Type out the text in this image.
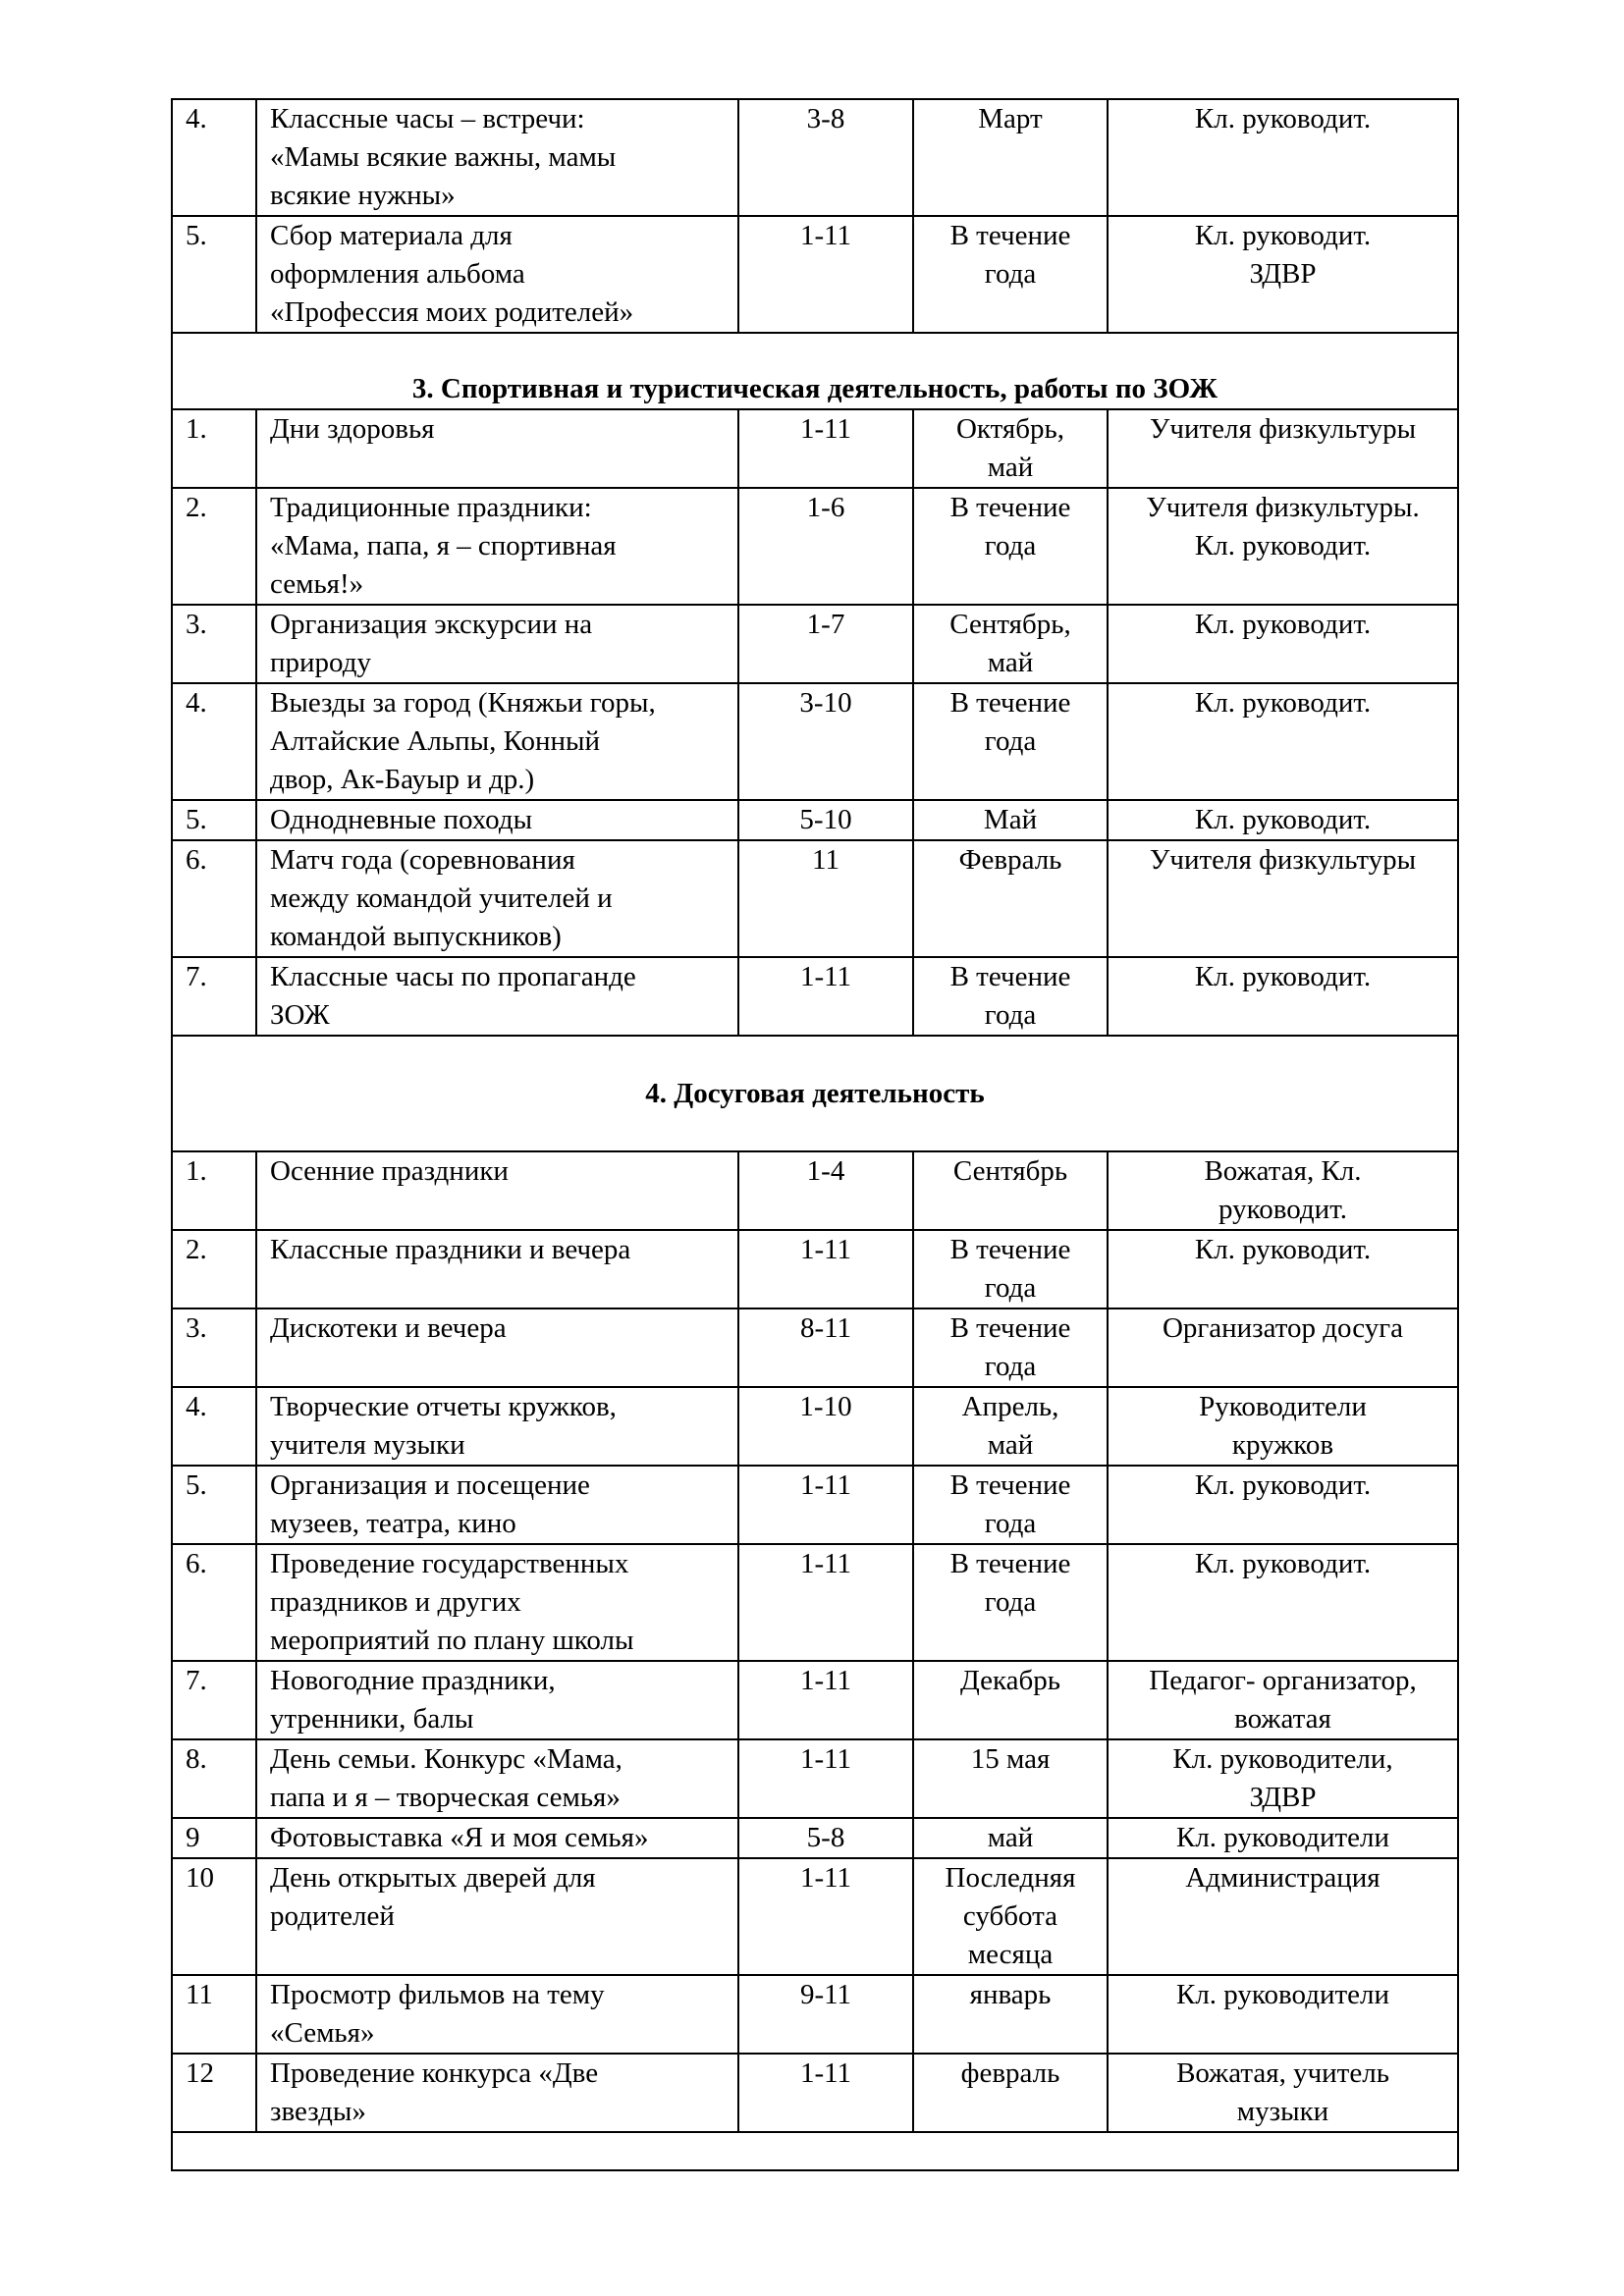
4.	Классные часы – встречи:
«Мамы всякие важны, мамы
всякие нужны»	3-8	Март	Кл. руководит.
5.	Сбор материала для
оформления альбома
«Профессия моих родителей»	1-11	В течение
года	Кл. руководит.
ЗДВР
3. Спортивная и туристическая деятельность, работы по ЗОЖ				
1.	Дни здоровья	1-11	Октябрь,
май	Учителя физкультуры
2.	Традиционные праздники:
«Мама, папа, я – спортивная
семья!»	1-6	В течение
года	Учителя физкультуры.
Кл. руководит.
3.	Организация экскурсии на
природу	1-7	Сентябрь,
май	Кл. руководит.
4.	Выезды за город (Княжьи горы,
Алтайские Альпы, Конный
двор, Ак-Бауыр и др.)	3-10	В течение
года	Кл. руководит.
5.	Однодневные походы	5-10	Май	Кл. руководит.
6.	Матч года (соревнования
между командой учителей и
командой выпускников)	11	Февраль	Учителя физкультуры
7.	Классные часы по пропаганде
ЗОЖ	1-11	В течение
года	Кл. руководит.
4. Досуговая деятельность				
1.	Осенние праздники	1-4	Сентябрь	Вожатая, Кл.
руководит.
2.	Классные праздники и вечера	1-11	В течение
года	Кл. руководит.
3.	Дискотеки и вечера	8-11	В течение
года	Организатор досуга
4.	Творческие отчеты кружков,
учителя музыки	1-10	Апрель,
май	Руководители
кружков
5.	Организация и посещение
музеев, театра, кино	1-11	В течение
года	Кл. руководит.
6.	Проведение государственных
праздников и других
мероприятий по плану школы	1-11	В течение
года	Кл. руководит.
7.	Новогодние праздники,
утренники, балы	1-11	Декабрь	Педагог- организатор,
вожатая
8.	День семьи. Конкурс «Мама,
папа и я – творческая семья»	1-11	15 мая	Кл. руководители,
ЗДВР
9	Фотовыставка «Я и моя семья»	5-8	май	Кл. руководители
10	День открытых дверей для
родителей	1-11	Последняя
суббота
месяца	Администрация
11	Просмотр фильмов на тему
«Семья»	9-11	январь	Кл. руководители
12	Проведение конкурса «Две
звезды»	1-11	февраль	Вожатая, учитель
музыки
